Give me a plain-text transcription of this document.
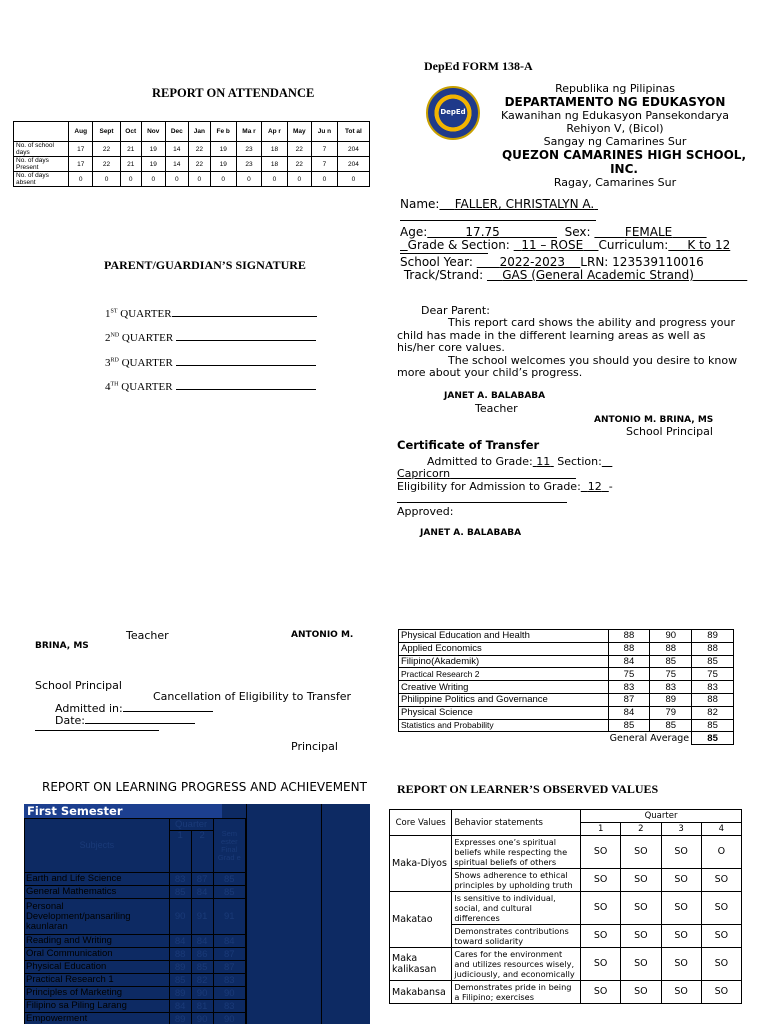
REPORT ON ATTENDANCE
	Aug	Sept	Oct	Nov	Dec	Jan	Fe b	Ma r	Ap r	May	Ju n	Tot al
No. of school days	17	22	21	19	14	22	19	23	18	22	7	204
No. of days Present	17	22	21	19	14	22	19	23	18	22	7	204
No. of days absent	0	0	0	0	0	0	0	0	0	0	0	0
PARENT/GUARDIAN’S SIGNATURE
1ST QUARTER
2ND QUARTER
3RD QUARTER
4TH QUARTER
DepEd FORM 138-A
DepEd
Republika ng Pilipinas
DEPARTAMENTO NG EDUKASYON
Kawanihan ng Edukasyon Pansekondarya
Rehiyon V, (Bicol)
Sangay ng Camarines Sur
QUEZON CAMARINES HIGH SCHOOL, INC.
Ragay, Camarines Sur
Name: FALLER, CHRISTALYN A.
Age:	17.75	Sex:	FEMALE
Grade & Section: 11 – ROSE Curriculum: K to 12
School Year: 2022-2023 LRN: 123539110016
Track/Strand: GAS (General Academic Strand)
Dear Parent:
This report card shows the ability and progress your child has made in the different learning areas as well as his/her core values.
The school welcomes you should you desire to know more about your child’s progress.
JANET A. BALABABA
Teacher
ANTONIO M. BRINA, MS
School Principal
Certificate of Transfer
Admitted to Grade: 11 Section:
Capricorn
Eligibility for Admission to Grade: 12 -
Approved:
JANET A. BALABABA
Teacher	ANTONIO M.
BRINA, MS
School Principal
Cancellation of Eligibility to Transfer
Admitted in:
Date:
Principal
Physical Education and Health	88	90	89
Applied Economics	88	88	88
Filipino(Akademik)	84	85	85
Practical Research 2	75	75	75
Creative Writing	83	83	83
Philippine Politics and Governance	87	89	88
Physical Science	84	79	82
Statistics and Probability	85	85	85
General Average			85
REPORT ON LEARNING PROGRESS AND ACHIEVEMENT
First Semester
Subjects	Quarter		Sem ester Final Grad e
	1	2	
Earth and Life Science	83	87	85
General Mathematics	85	84	85
Personal Development/pansariling kaunlaran	90	91	91
Reading and Writing	84	84	84
Oral Communication	88	86	87
Physical Education	89	85	87
Practical Research 1	85	82	83
Principles of Marketing	89	90	90
Filipino sa Piling Larang	84	81	83
Empowerment	89	90	90
REPORT ON LEARNER’S OBSERVED VALUES
Core Values	Behavior statements	Quarter			
		1	2	3	4
Maka-Diyos	Expresses one’s spiritual beliefs while respecting the spiritual beliefs of others	SO	SO	SO	O
	Shows adherence to ethical principles by upholding truth	SO	SO	SO	SO
Makatao	Is sensitive to individual, social, and cultural differences	SO	SO	SO	SO
	Demonstrates contributions toward solidarity	SO	SO	SO	SO
Maka kalikasan	Cares for the environment and utilizes resources wisely, judiciously, and economically	SO	SO	SO	SO
Makabansa	Demonstrates pride in being a Filipino; exercises	SO	SO	SO	SO
